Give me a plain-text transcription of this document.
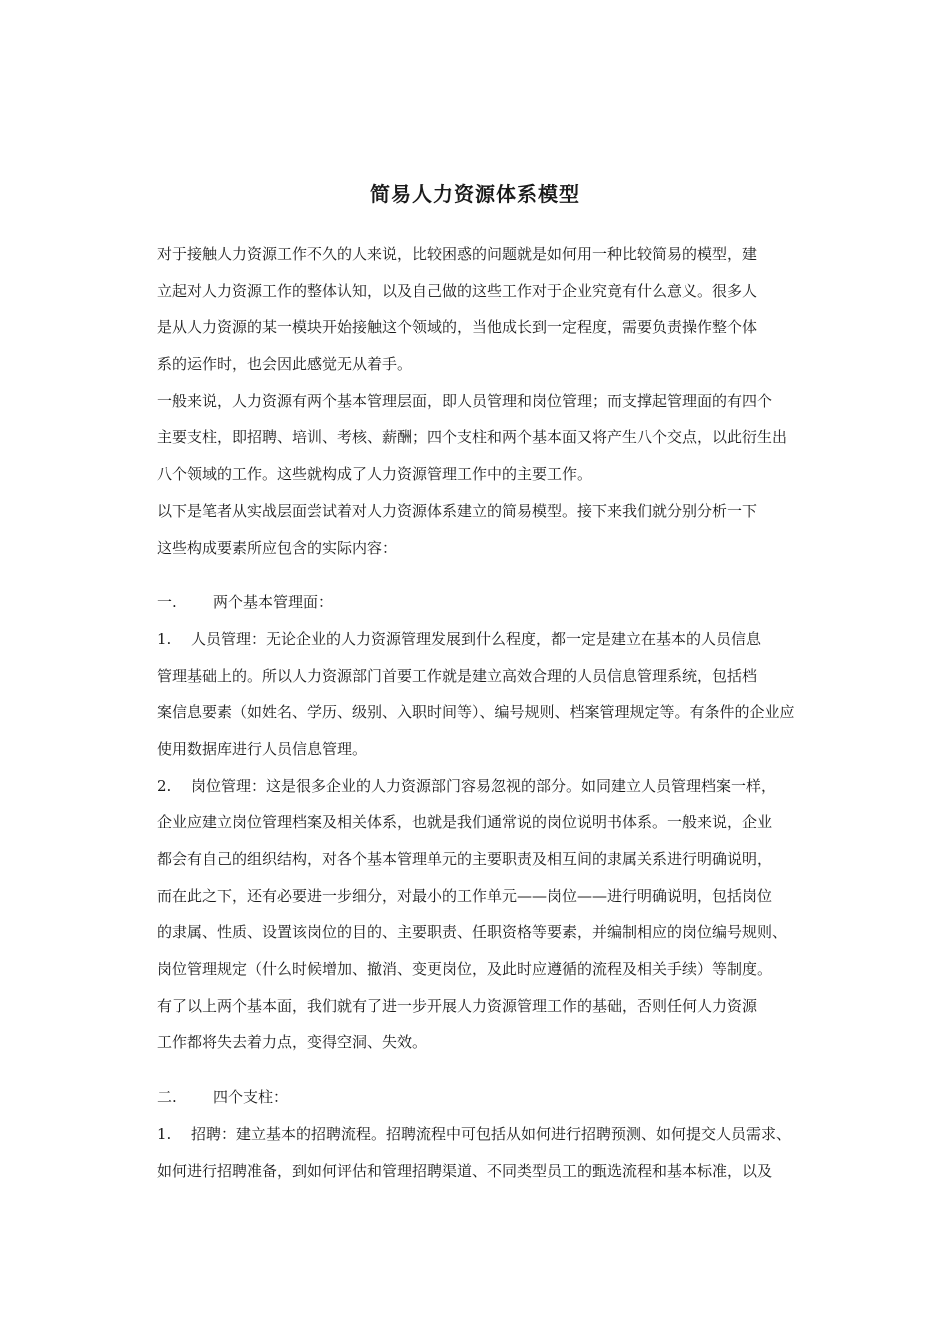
简易人力资源体系模型
对于接触人力资源工作不久的人来说，比较困惑的问题就是如何用一种比较简易的模型，建
立起对人力资源工作的整体认知，以及自己做的这些工作对于企业究竟有什么意义。很多人
是从人力资源的某一模块开始接触这个领域的，当他成长到一定程度，需要负责操作整个体
系的运作时，也会因此感觉无从着手。
一般来说，人力资源有两个基本管理层面，即人员管理和岗位管理；而支撑起管理面的有四个
主要支柱，即招聘、培训、考核、薪酬；四个支柱和两个基本面又将产生八个交点，以此衍生出
八个领域的工作。这些就构成了人力资源管理工作中的主要工作。
以下是笔者从实战层面尝试着对人力资源体系建立的简易模型。接下来我们就分别分析一下
这些构成要素所应包含的实际内容：
一. 两个基本管理面：
1. 人员管理：无论企业的人力资源管理发展到什么程度，都一定是建立在基本的人员信息
管理基础上的。所以人力资源部门首要工作就是建立高效合理的人员信息管理系统，包括档
案信息要素（如姓名、学历、级别、入职时间等）、编号规则、档案管理规定等。有条件的企业应
使用数据库进行人员信息管理。
2. 岗位管理：这是很多企业的人力资源部门容易忽视的部分。如同建立人员管理档案一样，
企业应建立岗位管理档案及相关体系，也就是我们通常说的岗位说明书体系。一般来说，企业
都会有自己的组织结构，对各个基本管理单元的主要职责及相互间的隶属关系进行明确说明，
而在此之下，还有必要进一步细分，对最小的工作单元——岗位——进行明确说明，包括岗位
的隶属、性质、设置该岗位的目的、主要职责、任职资格等要素，并编制相应的岗位编号规则、
岗位管理规定（什么时候增加、撤消、变更岗位，及此时应遵循的流程及相关手续）等制度。
有了以上两个基本面，我们就有了进一步开展人力资源管理工作的基础，否则任何人力资源
工作都将失去着力点，变得空洞、失效。
二. 四个支柱：
1. 招聘：建立基本的招聘流程。招聘流程中可包括从如何进行招聘预测、如何提交人员需求、
如何进行招聘准备，到如何评估和管理招聘渠道、不同类型员工的甄选流程和基本标准，以及
